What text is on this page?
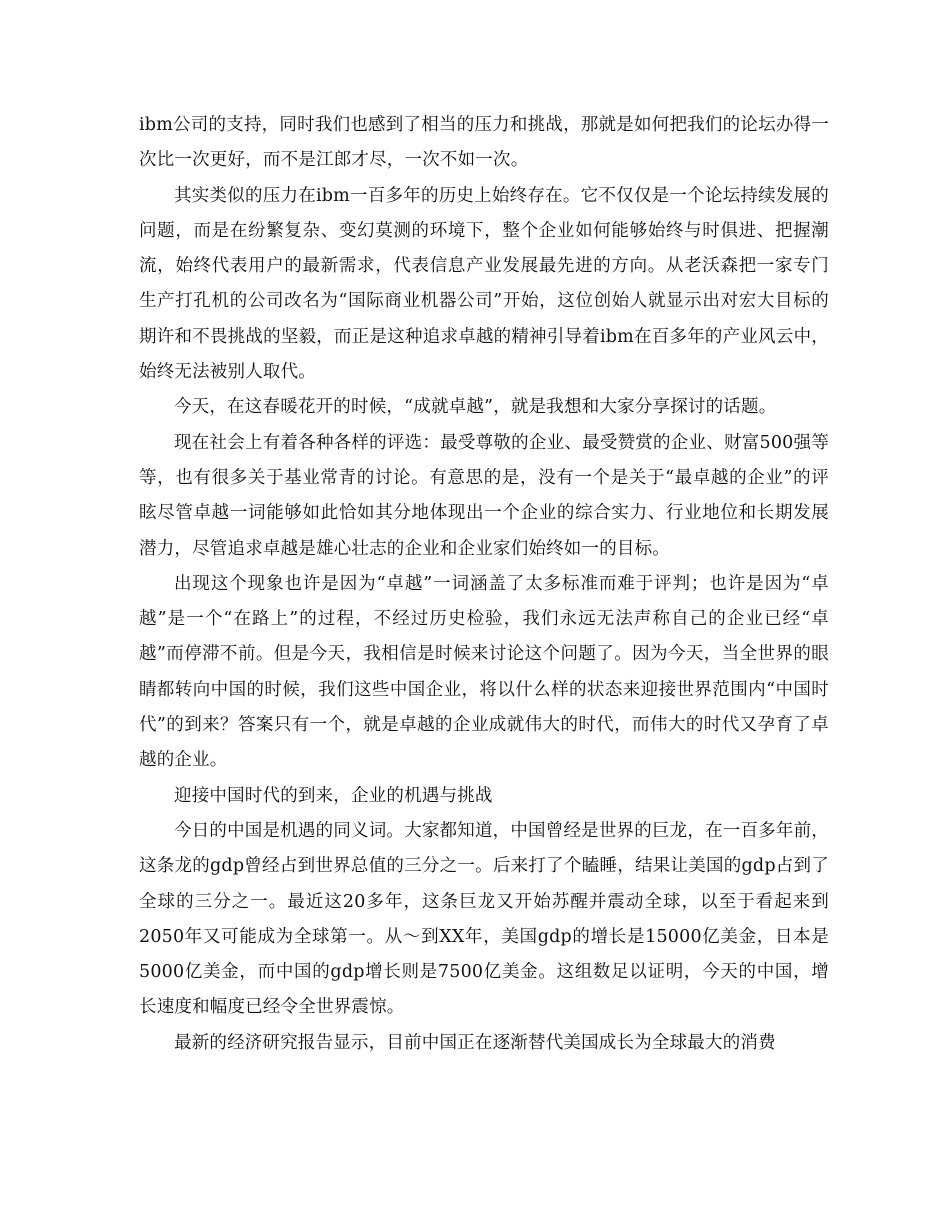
ibm公司的支持，同时我们也感到了相当的压力和挑战，那就是如何把我们的论坛办得一次比一次更好，而不是江郎才尽，一次不如一次。

其实类似的压力在ibm一百多年的历史上始终存在。它不仅仅是一个论坛持续发展的问题，而是在纷繁复杂、变幻莫测的环境下，整个企业如何能够始终与时俱进、把握潮流，始终代表用户的最新需求，代表信息产业发展最先进的方向。从老沃森把一家专门生产打孔机的公司改名为“国际商业机器公司”开始，这位创始人就显示出对宏大目标的期许和不畏挑战的坚毅，而正是这种追求卓越的精神引导着ibm在百多年的产业风云中，始终无法被别人取代。

今天，在这春暖花开的时候，“成就卓越”，就是我想和大家分享探讨的话题。

现在社会上有着各种各样的评选：最受尊敬的企业、最受赞赏的企业、财富500强等等，也有很多关于基业常青的讨论。有意思的是，没有一个是关于“最卓越的企业”的评眩尽管卓越一词能够如此恰如其分地体现出一个企业的综合实力、行业地位和长期发展潜力，尽管追求卓越是雄心壮志的企业和企业家们始终如一的目标。

出现这个现象也许是因为“卓越”一词涵盖了太多标准而难于评判；也许是因为“卓越”是一个“在路上”的过程，不经过历史检验，我们永远无法声称自己的企业已经“卓越”而停滞不前。但是今天，我相信是时候来讨论这个问题了。因为今天，当全世界的眼睛都转向中国的时候，我们这些中国企业，将以什么样的状态来迎接世界范围内“中国时代”的到来？答案只有一个，就是卓越的企业成就伟大的时代，而伟大的时代又孕育了卓越的企业。

迎接中国时代的到来，企业的机遇与挑战

今日的中国是机遇的同义词。大家都知道，中国曾经是世界的巨龙，在一百多年前，这条龙的gdp曾经占到世界总值的三分之一。后来打了个瞌睡，结果让美国的gdp占到了全球的三分之一。最近这20多年，这条巨龙又开始苏醒并震动全球，以至于看起来到2050年又可能成为全球第一。从～到XX年，美国gdp的增长是15000亿美金，日本是5000亿美金，而中国的gdp增长则是7500亿美金。这组数足以证明，今天的中国，增长速度和幅度已经令全世界震惊。

最新的经济研究报告显示，目前中国正在逐渐替代美国成长为全球最大的消费
